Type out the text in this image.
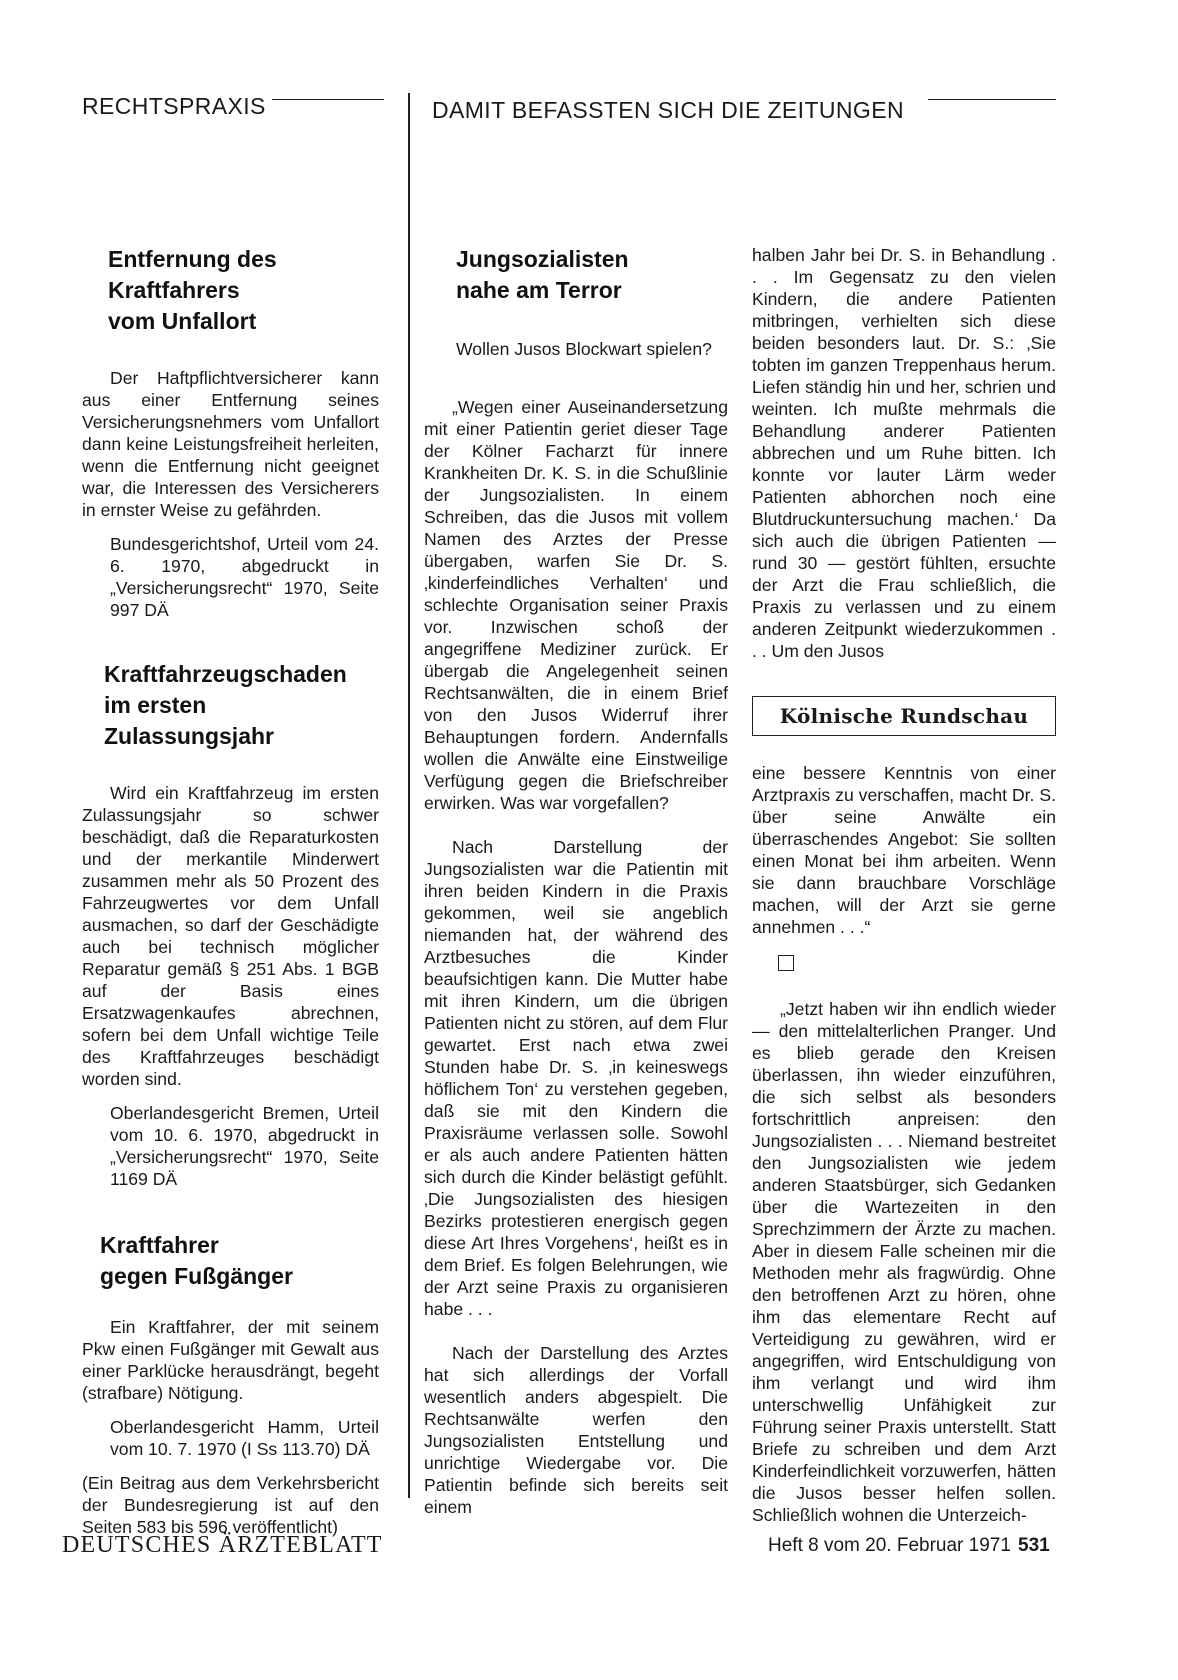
RECHTSPRAXIS	DAMIT BEFASSTEN SICH DIE ZEITUNGEN
Entfernung des
Kraftfahrers
vom Unfallort

Der Haftpflichtversicherer kann aus einer Entfernung seines Versicherungsnehmers vom Unfallort dann keine Leistungsfreiheit herleiten, wenn die Entfernung nicht geeignet war, die Interessen des Versicherers in ernster Weise zu gefährden.

Bundesgerichtshof, Urteil vom 24. 6. 1970, abgedruckt in „Versicherungsrecht“ 1970, Seite 997 DÄ

Kraftfahrzeugschaden
im ersten Zulassungsjahr

Wird ein Kraftfahrzeug im ersten Zulassungsjahr so schwer beschädigt, daß die Reparaturkosten und der merkantile Minderwert zusammen mehr als 50 Prozent des Fahrzeugwertes vor dem Unfall ausmachen, so darf der Geschädigte auch bei technisch möglicher Reparatur gemäß § 251 Abs. 1 BGB auf der Basis eines Ersatzwagenkaufes abrechnen, sofern bei dem Unfall wichtige Teile des Kraftfahrzeuges beschädigt worden sind.

Oberlandesgericht Bremen, Urteil vom 10. 6. 1970, abgedruckt in „Versicherungsrecht“ 1970, Seite 1169 DÄ

Kraftfahrer
gegen Fußgänger

Ein Kraftfahrer, der mit seinem Pkw einen Fußgänger mit Gewalt aus einer Parklücke herausdrängt, begeht (strafbare) Nötigung.

Oberlandesgericht Hamm, Urteil vom 10. 7. 1970 (I Ss 113.70) DÄ

(Ein Beitrag aus dem Verkehrsbericht der Bundesregierung ist auf den Seiten 583 bis 596 veröffentlicht)

Jungsozialisten
nahe am Terror

Wollen Jusos Blockwart spielen?

„Wegen einer Auseinandersetzung mit einer Patientin geriet dieser Tage der Kölner Facharzt für innere Krankheiten Dr. K. S. in die Schußlinie der Jungsozialisten. In einem Schreiben, das die Jusos mit vollem Namen des Arztes der Presse übergaben, warfen Sie Dr. S. ‚kinderfeindliches Verhalten‘ und schlechte Organisation seiner Praxis vor. Inzwischen schoß der angegriffene Mediziner zurück. Er übergab die Angelegenheit seinen Rechtsanwälten, die in einem Brief von den Jusos Widerruf ihrer Behauptungen fordern. Andernfalls wollen die Anwälte eine Einstweilige Verfügung gegen die Briefschreiber erwirken. Was war vorgefallen?

Nach Darstellung der Jungsozialisten war die Patientin mit ihren beiden Kindern in die Praxis gekommen, weil sie angeblich niemanden hat, der während des Arztbesuches die Kinder beaufsichtigen kann. Die Mutter habe mit ihren Kindern, um die übrigen Patienten nicht zu stören, auf dem Flur gewartet. Erst nach etwa zwei Stunden habe Dr. S. ‚in keineswegs höflichem Ton‘ zu verstehen gegeben, daß sie mit den Kindern die Praxisräume verlassen solle. Sowohl er als auch andere Patienten hätten sich durch die Kinder belästigt gefühlt. ‚Die Jungsozialisten des hiesigen Bezirks protestieren energisch gegen diese Art Ihres Vorgehens‘, heißt es in dem Brief. Es folgen Belehrungen, wie der Arzt seine Praxis zu organisieren habe . . .

Nach der Darstellung des Arztes hat sich allerdings der Vorfall wesentlich anders abgespielt. Die Rechtsanwälte werfen den Jungsozialisten Entstellung und unrichtige Wiedergabe vor. Die Patientin befinde sich bereits seit einem

halben Jahr bei Dr. S. in Behandlung . . . Im Gegensatz zu den vielen Kindern, die andere Patienten mitbringen, verhielten sich diese beiden besonders laut. Dr. S.: ‚Sie tobten im ganzen Treppenhaus herum. Liefen ständig hin und her, schrien und weinten. Ich mußte mehrmals die Behandlung anderer Patienten abbrechen und um Ruhe bitten. Ich konnte vor lauter Lärm weder Patienten abhorchen noch eine Blutdruckuntersuchung machen.‘ Da sich auch die übrigen Patienten — rund 30 — gestört fühlten, ersuchte der Arzt die Frau schließlich, die Praxis zu verlassen und zu einem anderen Zeitpunkt wiederzukommen . . . Um den Jusos

Kölnische Rundschau

eine bessere Kenntnis von einer Arztpraxis zu verschaffen, macht Dr. S. über seine Anwälte ein überraschendes Angebot: Sie sollten einen Monat bei ihm arbeiten. Wenn sie dann brauchbare Vorschläge machen, will der Arzt sie gerne annehmen . . .“

„Jetzt haben wir ihn endlich wieder — den mittelalterlichen Pranger. Und es blieb gerade den Kreisen überlassen, ihn wieder einzuführen, die sich selbst als besonders fortschrittlich anpreisen: den Jungsozialisten . . . Niemand bestreitet den Jungsozialisten wie jedem anderen Staatsbürger, sich Gedanken über die Wartezeiten in den Sprechzimmern der Ärzte zu machen. Aber in diesem Falle scheinen mir die Methoden mehr als fragwürdig. Ohne den betroffenen Arzt zu hören, ohne ihm das elementare Recht auf Verteidigung zu gewähren, wird er angegriffen, wird Entschuldigung von ihm verlangt und wird ihm unterschwellig Unfähigkeit zur Führung seiner Praxis unterstellt. Statt Briefe zu schreiben und dem Arzt Kinderfeindlichkeit vorzuwerfen, hätten die Jusos besser helfen sollen. Schließlich wohnen die Unterzeich-

DEUTSCHES ÄRZTEBLATT	Heft 8 vom 20. Februar 1971 531
